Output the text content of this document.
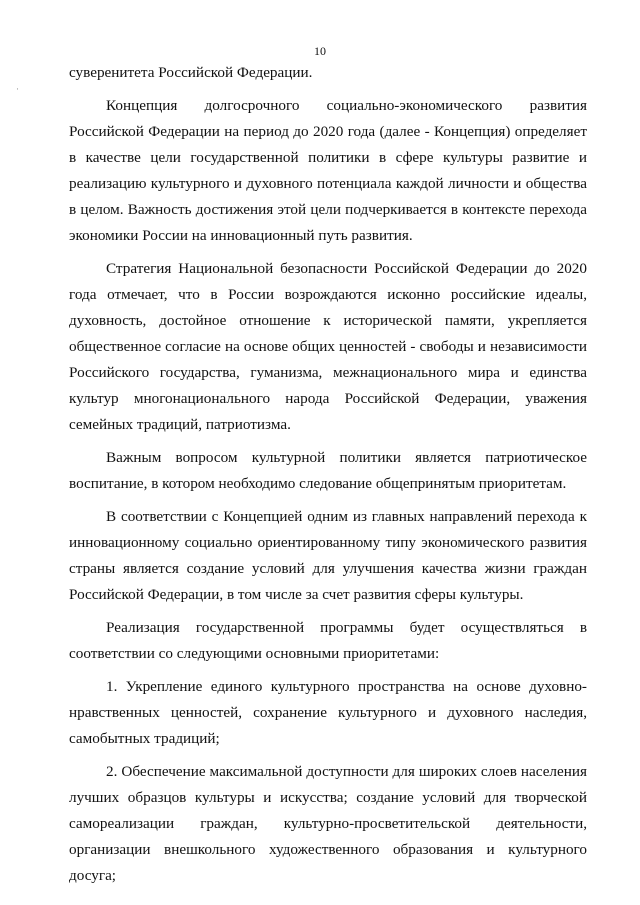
10
·

суверенитета Российской Федерации.

Концепция долгосрочного социально-экономического развития Российской Федерации на период до 2020 года (далее - Концепция) определяет в качестве цели государственной политики в сфере культуры развитие и реализацию культурного и духовного потенциала каждой личности и общества в целом. Важность достижения этой цели подчеркивается в контексте перехода экономики России на инновационный путь развития.

Стратегия Национальной безопасности Российской Федерации до 2020 года отмечает, что в России возрождаются исконно российские идеалы, духовность, достойное отношение к исторической памяти, укрепляется общественное согласие на основе общих ценностей - свободы и независимости Российского государства, гуманизма, межнационального мира и единства культур многонационального народа Российской Федерации, уважения семейных традиций, патриотизма.

Важным вопросом культурной политики является патриотическое воспитание, в котором необходимо следование общепринятым приоритетам.

В соответствии с Концепцией одним из главных направлений перехода к инновационному социально ориентированному типу экономического развития страны является создание условий для улучшения качества жизни граждан Российской Федерации, в том числе за счет развития сферы культуры.

Реализация государственной программы будет осуществляться в соответствии со следующими основными приоритетами:

1. Укрепление единого культурного пространства на основе духовно-нравственных ценностей, сохранение культурного и духовного наследия, самобытных традиций;

2. Обеспечение максимальной доступности для широких слоев населения лучших образцов культуры и искусства; создание условий для творческой самореализации граждан, культурно-просветительской деятельности, организации внешкольного художественного образования и культурного досуга;
